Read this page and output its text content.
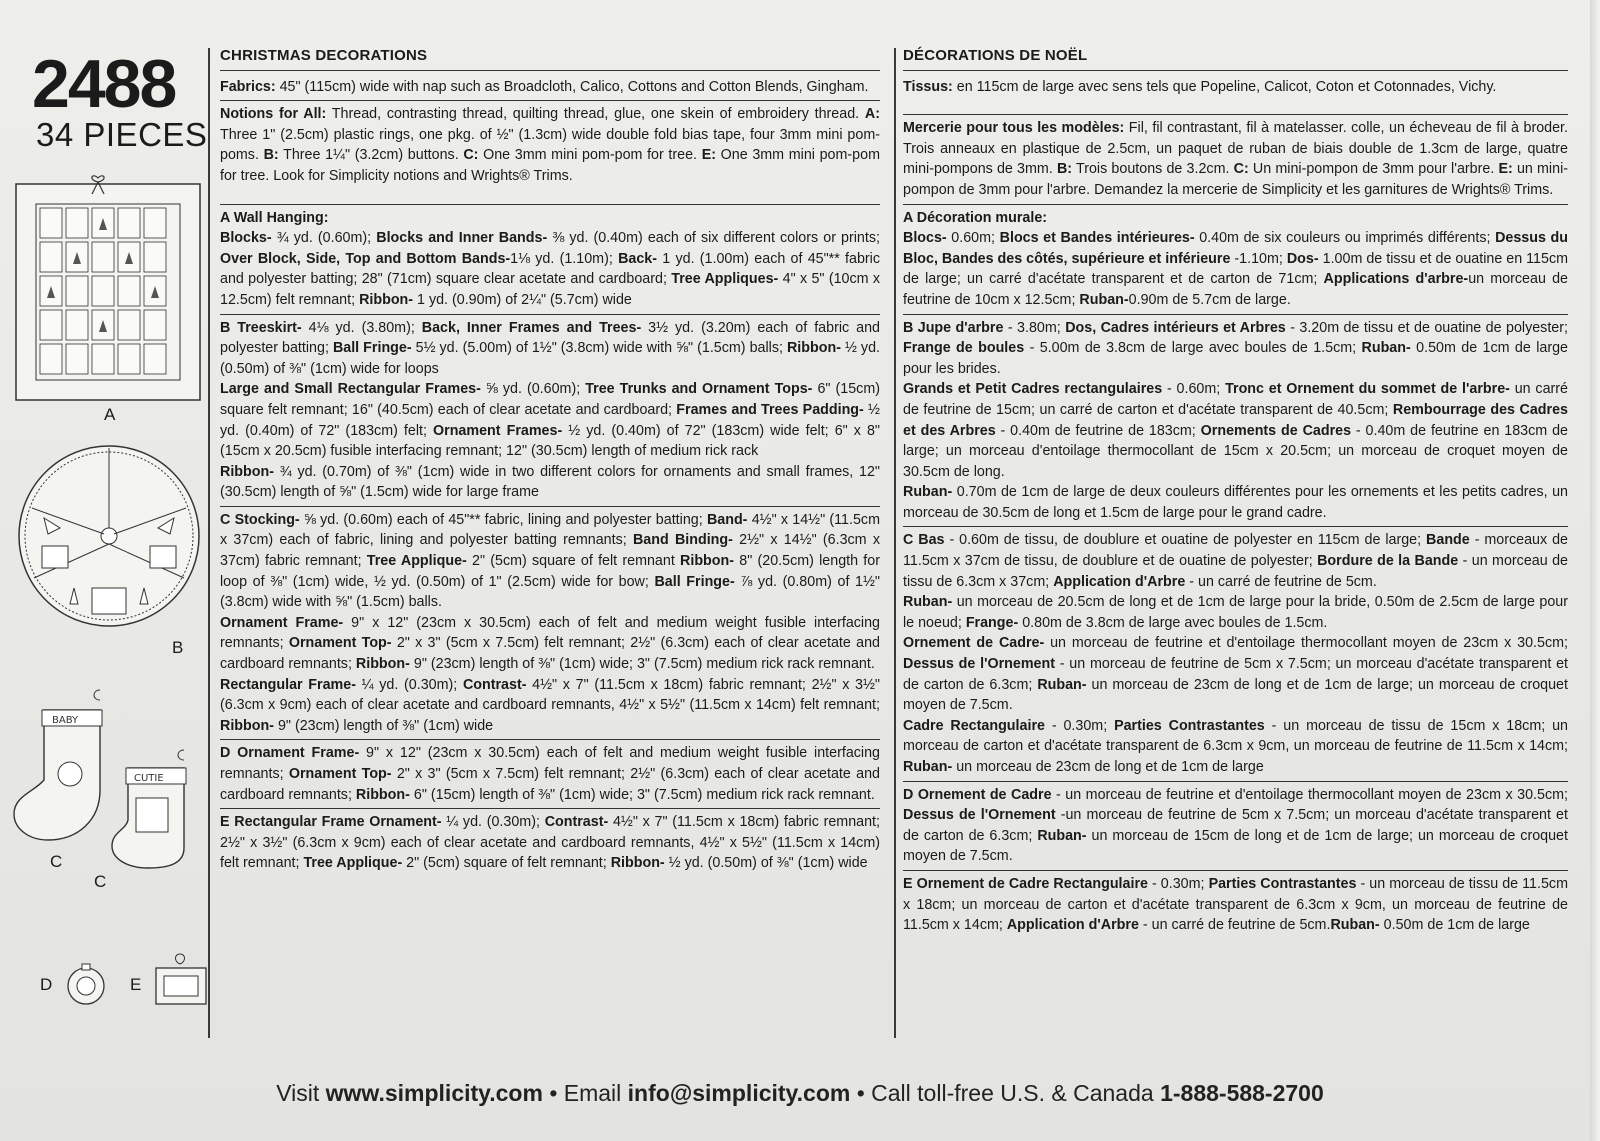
2488
34 PIECES
A
B
BABY
CUTIE
C
C
D	E
CHRISTMAS DECORATIONS

Fabrics: 45" (115cm) wide with nap such as Broadcloth, Calico, Cottons and Cotton Blends, Gingham.

Notions for All: Thread, contrasting thread, quilting thread, glue, one skein of embroidery thread. A: Three 1" (2.5cm) plastic rings, one pkg. of ½" (1.3cm) wide double fold bias tape, four 3mm mini pom-poms. B: Three 1¼" (3.2cm) buttons. C: One 3mm mini pom-pom for tree. E: One 3mm mini pom-pom for tree. Look for Simplicity notions and Wrights® Trims.

A Wall Hanging:

Blocks- ¾ yd. (0.60m); Blocks and Inner Bands- ⅜ yd. (0.40m) each of six different colors or prints; Over Block, Side, Top and Bottom Bands-1⅛ yd. (1.10m); Back- 1 yd. (1.00m) each of 45"** fabric and polyester batting; 28" (71cm) square clear acetate and cardboard; Tree Appliques- 4" x 5" (10cm x 12.5cm) felt remnant; Ribbon- 1 yd. (0.90m) of 2¼" (5.7cm) wide

B Treeskirt- 4⅛ yd. (3.80m); Back, Inner Frames and Trees- 3½ yd. (3.20m) each of fabric and polyester batting; Ball Fringe- 5½ yd. (5.00m) of 1½" (3.8cm) wide with ⅝" (1.5cm) balls; Ribbon- ½ yd. (0.50m) of ⅜" (1cm) wide for loops

Large and Small Rectangular Frames- ⅝ yd. (0.60m); Tree Trunks and Ornament Tops- 6" (15cm) square felt remnant; 16" (40.5cm) each of clear acetate and cardboard; Frames and Trees Padding- ½ yd. (0.40m) of 72" (183cm) felt; Ornament Frames- ½ yd. (0.40m) of 72" (183cm) wide felt; 6" x 8" (15cm x 20.5cm) fusible interfacing remnant; 12" (30.5cm) length of medium rick rack

Ribbon- ¾ yd. (0.70m) of ⅜" (1cm) wide in two different colors for ornaments and small frames, 12" (30.5cm) length of ⅝" (1.5cm) wide for large frame

C Stocking- ⅝ yd. (0.60m) each of 45"** fabric, lining and polyester batting; Band- 4½" x 14½" (11.5cm x 37cm) each of fabric, lining and polyester batting remnants; Band Binding- 2½" x 14½" (6.3cm x 37cm) fabric remnant; Tree Applique- 2" (5cm) square of felt remnant Ribbon- 8" (20.5cm) length for loop of ⅜" (1cm) wide, ½ yd. (0.50m) of 1" (2.5cm) wide for bow; Ball Fringe- ⅞ yd. (0.80m) of 1½" (3.8cm) wide with ⅝" (1.5cm) balls.

Ornament Frame- 9" x 12" (23cm x 30.5cm) each of felt and medium weight fusible interfacing remnants; Ornament Top- 2" x 3" (5cm x 7.5cm) felt remnant; 2½" (6.3cm) each of clear acetate and cardboard remnants; Ribbon- 9" (23cm) length of ⅜" (1cm) wide; 3" (7.5cm) medium rick rack remnant.

Rectangular Frame- ¼ yd. (0.30m); Contrast- 4½" x 7" (11.5cm x 18cm) fabric remnant; 2½" x 3½" (6.3cm x 9cm) each of clear acetate and cardboard remnants, 4½" x 5½" (11.5cm x 14cm) felt remnant; Ribbon- 9" (23cm) length of ⅜" (1cm) wide

D Ornament Frame- 9" x 12" (23cm x 30.5cm) each of felt and medium weight fusible interfacing remnants; Ornament Top- 2" x 3" (5cm x 7.5cm) felt remnant; 2½" (6.3cm) each of clear acetate and cardboard remnants; Ribbon- 6" (15cm) length of ⅜" (1cm) wide; 3" (7.5cm) medium rick rack remnant.

E Rectangular Frame Ornament- ¼ yd. (0.30m); Contrast- 4½" x 7" (11.5cm x 18cm) fabric remnant; 2½" x 3½" (6.3cm x 9cm) each of clear acetate and cardboard remnants, 4½" x 5½" (11.5cm x 14cm) felt remnant; Tree Applique- 2" (5cm) square of felt remnant; Ribbon- ½ yd. (0.50m) of ⅜" (1cm) wide

DÉCORATIONS DE NOËL

Tissus: en 115cm de large avec sens tels que Popeline, Calicot, Coton et Cotonnades, Vichy.

Mercerie pour tous les modèles: Fil, fil contrastant, fil à matelasser. colle, un écheveau de fil à broder. Trois anneaux en plastique de 2.5cm, un paquet de ruban de biais double de 1.3cm de large, quatre mini-pompons de 3mm. B: Trois boutons de 3.2cm. C: Un mini-pompon de 3mm pour l'arbre. E: un mini-pompon de 3mm pour l'arbre. Demandez la mercerie de Simplicity et les garnitures de Wrights® Trims.

A Décoration murale:

Blocs- 0.60m; Blocs et Bandes intérieures- 0.40m de six couleurs ou imprimés différents; Dessus du Bloc, Bandes des côtés, supérieure et inférieure -1.10m; Dos- 1.00m de tissu et de ouatine en 115cm de large; un carré d'acétate transparent et de carton de 71cm; Applications d'arbre-un morceau de feutrine de 10cm x 12.5cm; Ruban-0.90m de 5.7cm de large.

B Jupe d'arbre - 3.80m; Dos, Cadres intérieurs et Arbres - 3.20m de tissu et de ouatine de polyester; Frange de boules - 5.00m de 3.8cm de large avec boules de 1.5cm; Ruban- 0.50m de 1cm de large pour les brides.

Grands et Petit Cadres rectangulaires - 0.60m; Tronc et Ornement du sommet de l'arbre- un carré de feutrine de 15cm; un carré de carton et d'acétate transparent de 40.5cm; Rembourrage des Cadres et des Arbres - 0.40m de feutrine de 183cm; Ornements de Cadres - 0.40m de feutrine en 183cm de large; un morceau d'entoilage thermocollant de 15cm x 20.5cm; un morceau de croquet moyen de 30.5cm de long.

Ruban- 0.70m de 1cm de large de deux couleurs différentes pour les ornements et les petits cadres, un morceau de 30.5cm de long et 1.5cm de large pour le grand cadre.

C Bas - 0.60m de tissu, de doublure et ouatine de polyester en 115cm de large; Bande - morceaux de 11.5cm x 37cm de tissu, de doublure et de ouatine de polyester; Bordure de la Bande - un morceau de tissu de 6.3cm x 37cm; Application d'Arbre - un carré de feutrine de 5cm.

Ruban- un morceau de 20.5cm de long et de 1cm de large pour la bride, 0.50m de 2.5cm de large pour le noeud; Frange- 0.80m de 3.8cm de large avec boules de 1.5cm.

Ornement de Cadre- un morceau de feutrine et d'entoilage thermocollant moyen de 23cm x 30.5cm; Dessus de l'Ornement - un morceau de feutrine de 5cm x 7.5cm; un morceau d'acétate transparent et de carton de 6.3cm; Ruban- un morceau de 23cm de long et de 1cm de large; un morceau de croquet moyen de 7.5cm.

Cadre Rectangulaire - 0.30m; Parties Contrastantes - un morceau de tissu de 15cm x 18cm; un morceau de carton et d'acétate transparent de 6.3cm x 9cm, un morceau de feutrine de 11.5cm x 14cm; Ruban- un morceau de 23cm de long et de 1cm de large

D Ornement de Cadre - un morceau de feutrine et d'entoilage thermocollant moyen de 23cm x 30.5cm; Dessus de l'Ornement -un morceau de feutrine de 5cm x 7.5cm; un morceau d'acétate transparent et de carton de 6.3cm; Ruban- un morceau de 15cm de long et de 1cm de large; un morceau de croquet moyen de 7.5cm.

E Ornement de Cadre Rectangulaire - 0.30m; Parties Contrastantes - un morceau de tissu de 11.5cm x 18cm; un morceau de carton et d'acétate transparent de 6.3cm x 9cm, un morceau de feutrine de 11.5cm x 14cm; Application d'Arbre - un carré de feutrine de 5cm.Ruban- 0.50m de 1cm de large

Visit www.simplicity.com • Email info@simplicity.com • Call toll-free U.S. & Canada 1-888-588-2700
